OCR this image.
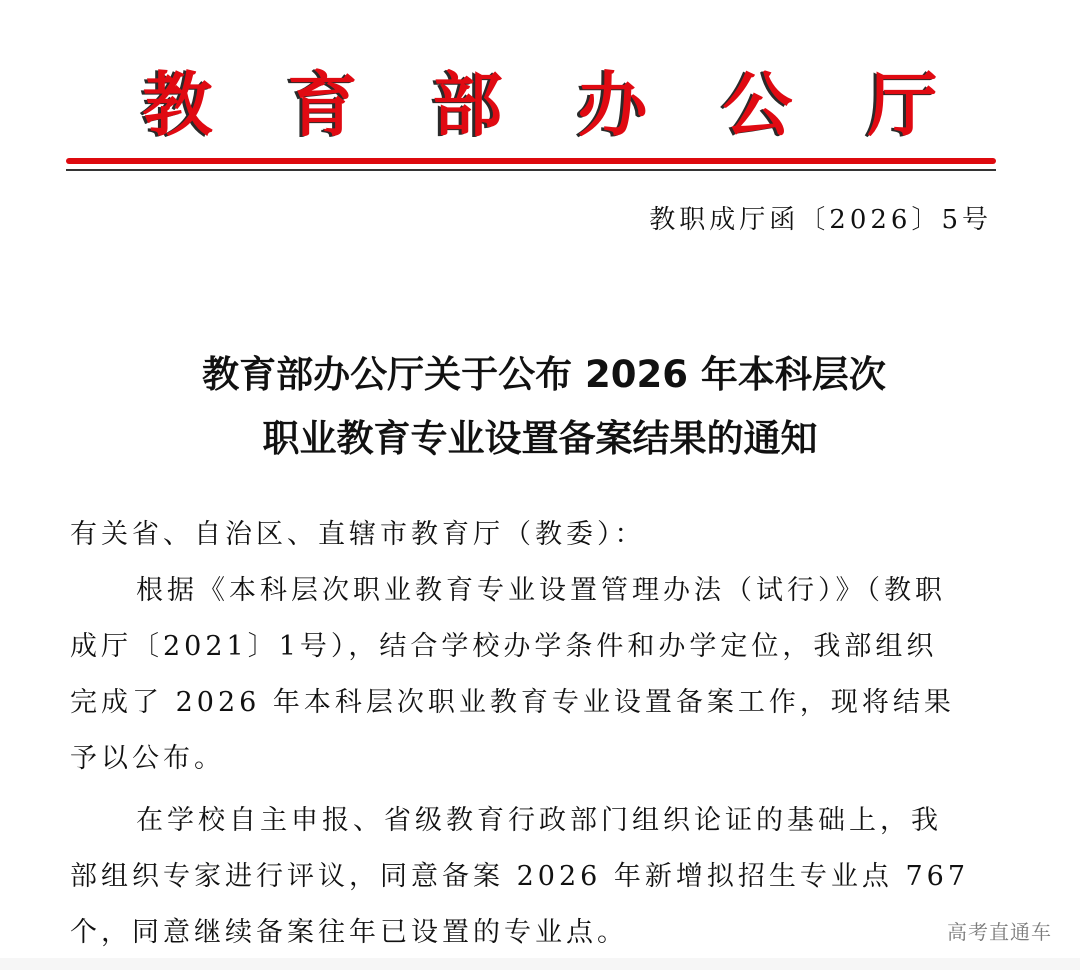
教育部办公厅
教职成厅函〔2026〕5号
教育部办公厅关于公布 2026 年本科层次
职业教育专业设置备案结果的通知

有关省、自治区、直辖市教育厅（教委）：

根据《本科层次职业教育专业设置管理办法（试行）》（教职
成厅〔2021〕1号），结合学校办学条件和办学定位，我部组织
完成了 2026 年本科层次职业教育专业设置备案工作，现将结果
予以公布。
在学校自主申报、省级教育行政部门组织论证的基础上，我
部组织专家进行评议，同意备案 2026 年新增拟招生专业点 767
个，同意继续备案往年已设置的专业点。	高考直通车
